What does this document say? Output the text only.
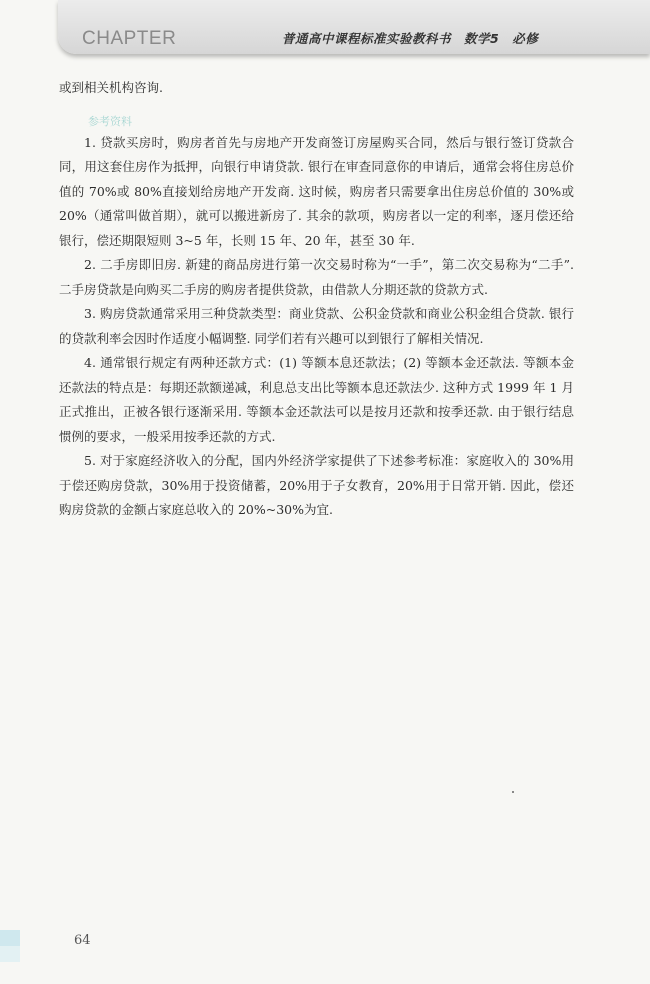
CHAPTER	普通高中课程标准实验教科书　数学5　必修

或到相关机构咨询.

参考资料

1. 贷款买房时，购房者首先与房地产开发商签订房屋购买合同，然后与银行签订贷款合同，用这套住房作为抵押，向银行申请贷款. 银行在审查同意你的申请后，通常会将住房总价值的 70%或 80%直接划给房地产开发商. 这时候，购房者只需要拿出住房总价值的 30%或 20%（通常叫做首期），就可以搬进新房了. 其余的款项，购房者以一定的利率，逐月偿还给银行，偿还期限短则 3~5 年，长则 15 年、20 年，甚至 30 年.

2. 二手房即旧房. 新建的商品房进行第一次交易时称为“一手”，第二次交易称为“二手”. 二手房贷款是向购买二手房的购房者提供贷款，由借款人分期还款的贷款方式.

3. 购房贷款通常采用三种贷款类型：商业贷款、公积金贷款和商业公积金组合贷款. 银行的贷款利率会因时作适度小幅调整. 同学们若有兴趣可以到银行了解相关情况.

4. 通常银行规定有两种还款方式：(1) 等额本息还款法；(2) 等额本金还款法. 等额本金还款法的特点是：每期还款额递减，利息总支出比等额本息还款法少. 这种方式 1999 年 1 月正式推出，正被各银行逐渐采用. 等额本金还款法可以是按月还款和按季还款. 由于银行结息惯例的要求，一般采用按季还款的方式.

5. 对于家庭经济收入的分配，国内外经济学家提供了下述参考标准：家庭收入的 30%用于偿还购房贷款，30%用于投资储蓄，20%用于子女教育，20%用于日常开销. 因此，偿还购房贷款的金额占家庭总收入的 20%~30%为宜.

64
